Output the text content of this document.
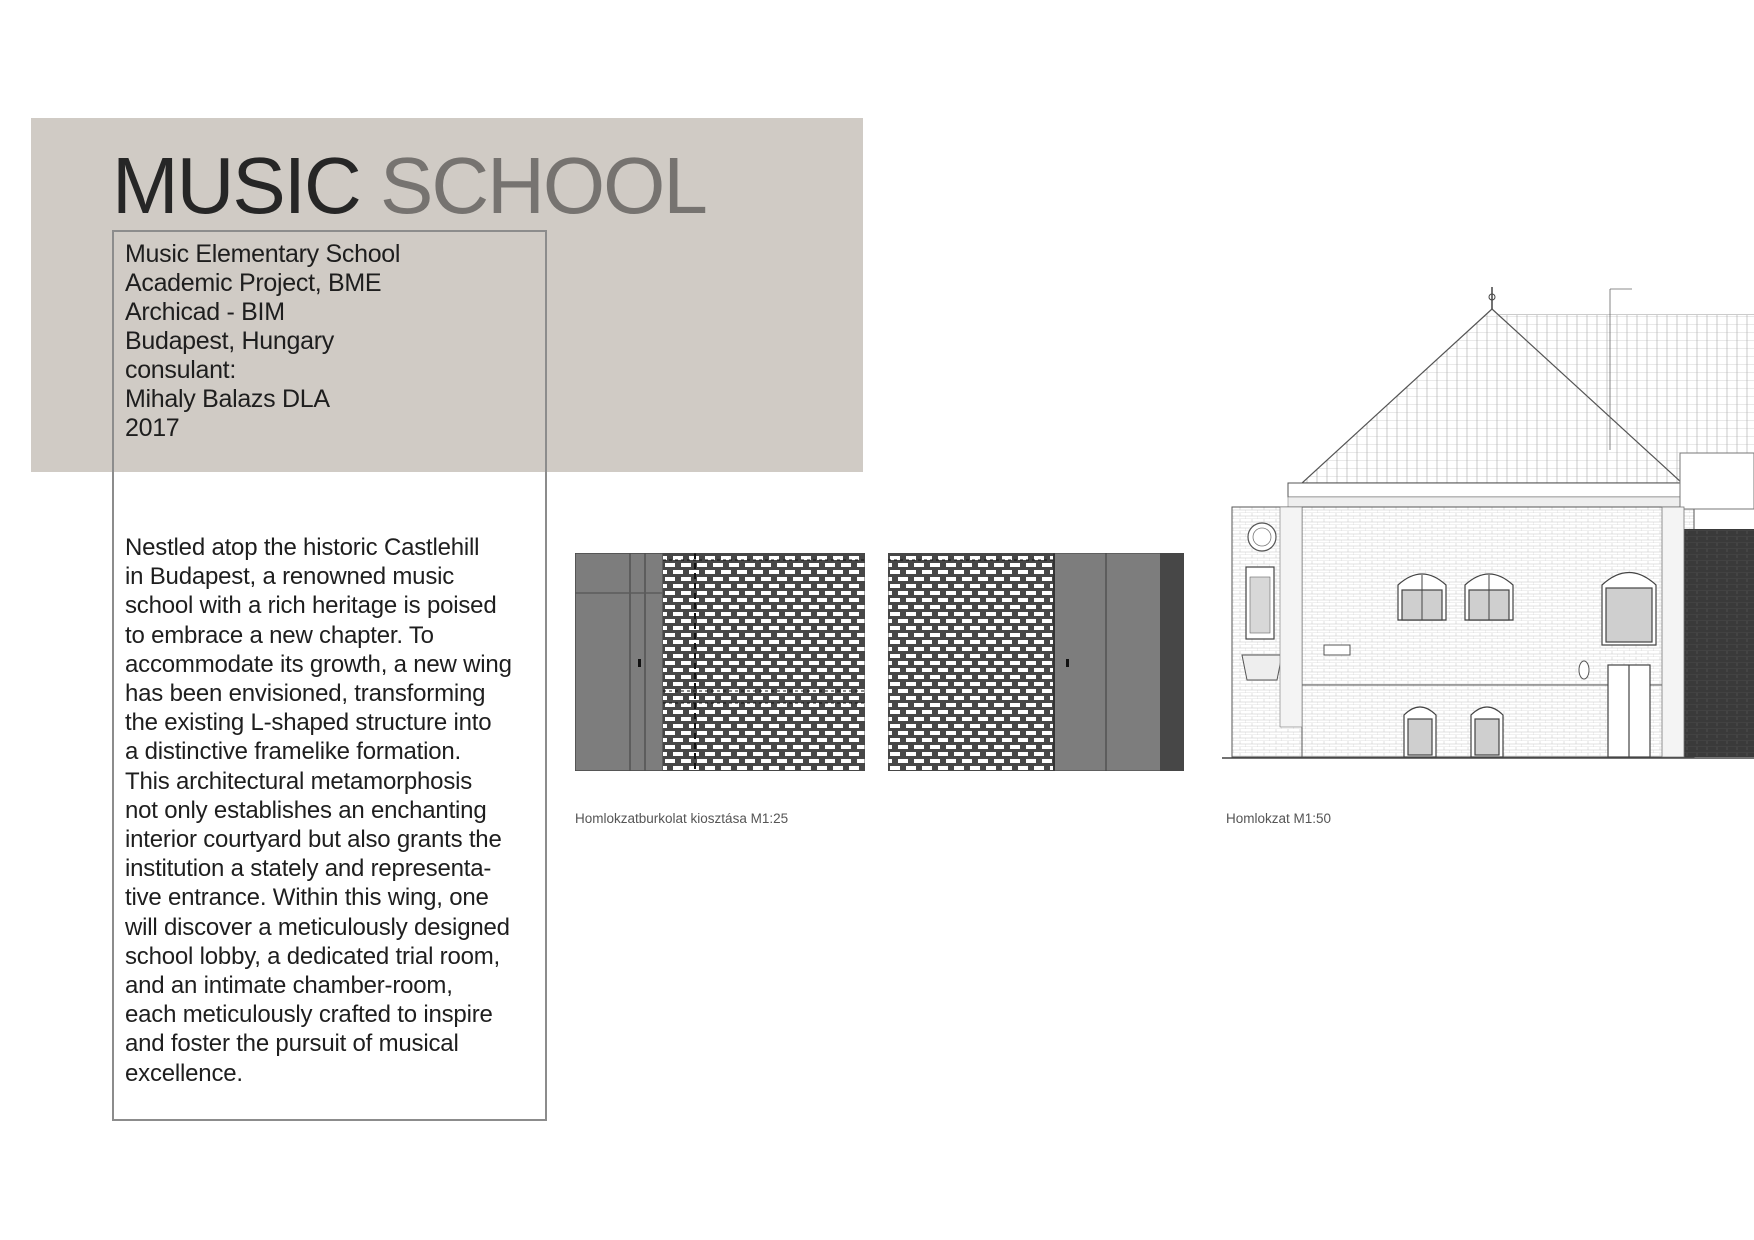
MUSIC SCHOOL
Music Elementary School
Academic Project, BME
Archicad - BIM
Budapest, Hungary
consulant:
Mihaly Balazs DLA
2017
Nestled atop the historic Castlehill
in Budapest, a renowned music
school with a rich heritage is poised
to embrace a new chapter. To
accommodate its growth, a new wing
has been envisioned, transforming
the existing L-shaped structure into
a distinctive framelike formation.
This architectural metamorphosis
not only establishes an enchanting
interior courtyard but also grants the
institution a stately and representa-
tive entrance. Within this wing, one
will discover a meticulously designed
school lobby, a dedicated trial room,
and an intimate chamber-room,
each meticulously crafted to inspire
and foster the pursuit of musical
excellence.
Homlokzatburkolat kiosztása M1:25	Homlokzat M1:50
